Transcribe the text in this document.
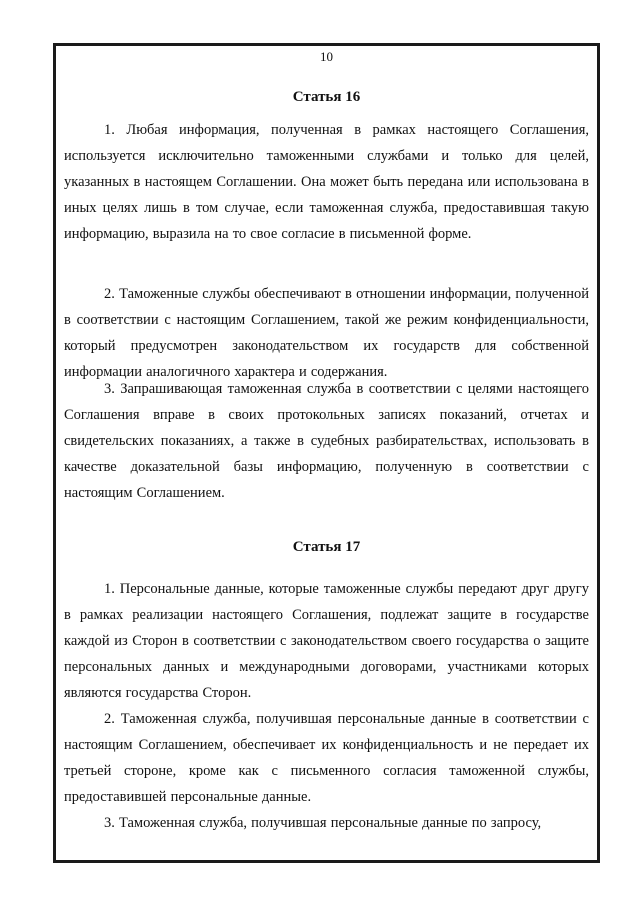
10
Статья 16
1. Любая информация, полученная в рамках настоящего Соглашения, используется исключительно таможенными службами и только для целей, указанных в настоящем Соглашении. Она может быть передана или использована в иных целях лишь в том случае, если таможенная служба, предоставившая такую информацию, выразила на то свое согласие в письменной форме.
2. Таможенные службы обеспечивают в отношении информации, полученной в соответствии с настоящим Соглашением, такой же режим конфиденциальности, который предусмотрен законодательством их государств для собственной информации аналогичного характера и содержания.
3. Запрашивающая таможенная служба в соответствии с целями настоящего Соглашения вправе в своих протокольных записях показаний, отчетах и свидетельских показаниях, а также в судебных разбирательствах, использовать в качестве доказательной базы информацию, полученную в соответствии с настоящим Соглашением.
Статья 17
1. Персональные данные, которые таможенные службы передают друг другу в рамках реализации настоящего Соглашения, подлежат защите в государстве каждой из Сторон в соответствии с законодательством своего государства о защите персональных данных и международными договорами, участниками которых являются государства Сторон.
2. Таможенная служба, получившая персональные данные в соответствии с настоящим Соглашением, обеспечивает их конфиденциальность и не передает их третьей стороне, кроме как с письменного согласия таможенной службы, предоставившей персональные данные.
3. Таможенная служба, получившая персональные данные по запросу,
